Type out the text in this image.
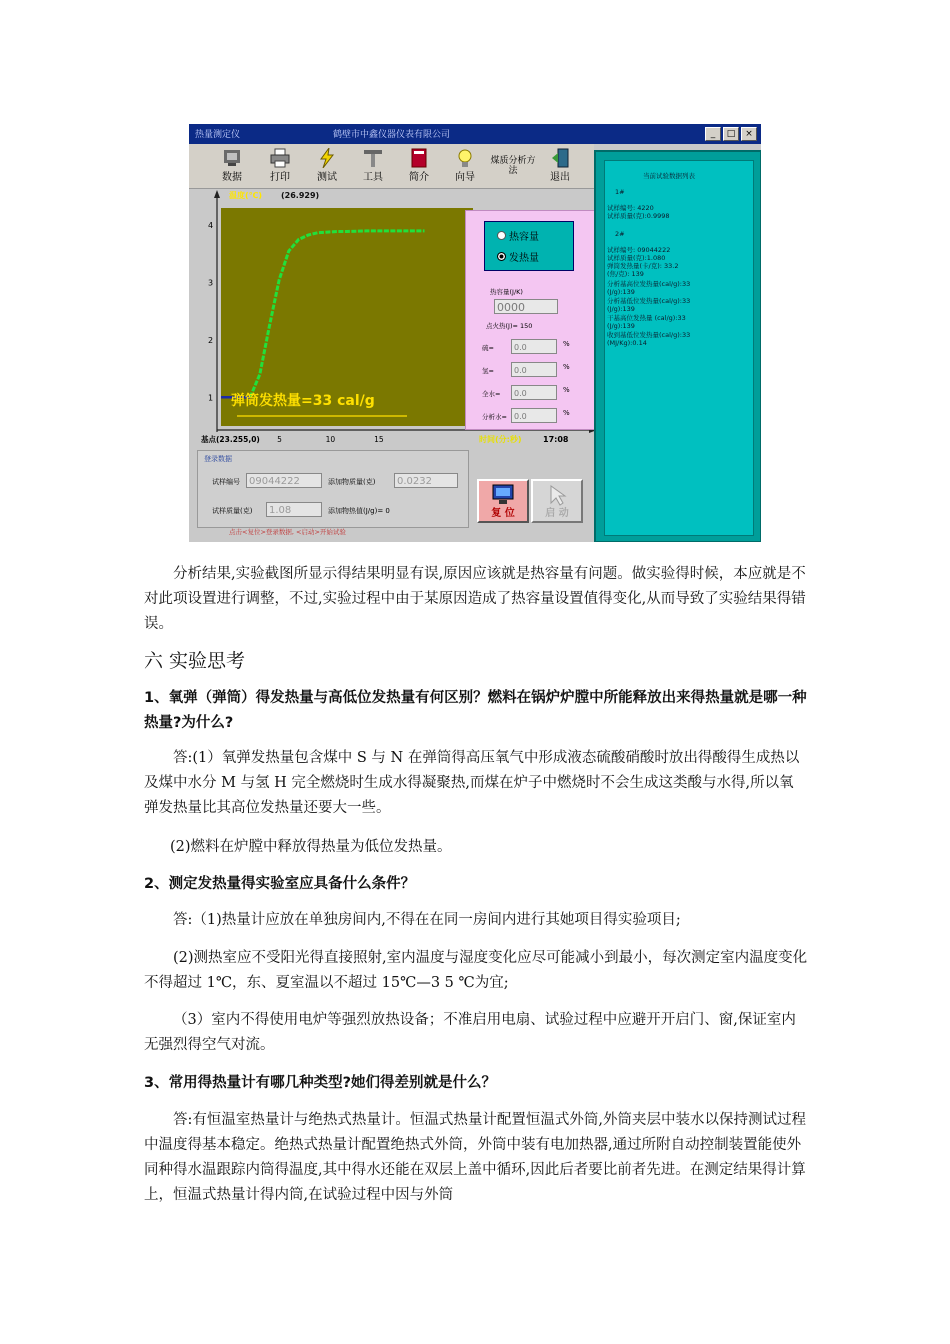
热量测定仪	鹤壁市中鑫仪器仪表有限公司	_	□	×
数据	打印	测试	工具	简介	向导
煤质分析方法
退出
1
2
3
4
5	10	15
温度(℃) (26.929)
弹筒发热量=33 cal/g
基点(23.255,0)	时间(分:秒)	17:08
热容量
发热量
热容量(J/K)
0000
点火热(J)= 150
硫=	0.0	%
氢=	0.0	%
全水=	0.0	%
分析水= 0.0	%
登录数据
试样编号 09044222	添加物质量(克)	0.0232
试样质量(克)	1.08	添加物热值(J/g)= 0
点击<复位>登录数据, <启动>开始试验
复 位	启 动
当前试验数据列表
1#
试样编号: 4220
试样质量(克):0.9998
2#
试样编号: 09044222
试样质量(克):1.080
弹筒发热量(卡/克): 33.2
(焦/克): 139
分析基高位发热量(cal/g):33
(J/g):139
分析基低位发热量(cal/g):33
(J/g):139
干基高位发热量 (cal/g):33
(J/g):139
收到基低位发热量(cal/g):33
(MJ/Kg):0.14
分析结果,实验截图所显示得结果明显有误,原因应该就是热容量有问题。做实验得时候，本应就是不对此项设置进行调整，不过,实验过程中由于某原因造成了热容量设置值得变化,从而导致了实验结果得错误。
六 实验思考
1、氧弹（弹筒）得发热量与高低位发热量有何区别？燃料在锅炉炉膛中所能释放出来得热量就是哪一种热量?为什么?
答:(1）氧弹发热量包含煤中 S 与 N 在弹筒得高压氧气中形成液态硫酸硝酸时放出得酸得生成热以及煤中水分 M 与氢 H 完全燃烧时生成水得凝聚热,而煤在炉子中燃烧时不会生成这类酸与水得,所以氧弹发热量比其高位发热量还要大一些。
(2)燃料在炉膛中释放得热量为低位发热量。
2、测定发热量得实验室应具备什么条件？
答:（1)热量计应放在单独房间内,不得在在同一房间内进行其她项目得实验项目;
(2)测热室应不受阳光得直接照射,室内温度与湿度变化应尽可能减小到最小，每次测定室内温度变化不得超过 1℃，东、夏室温以不超过 15℃—3 5 ℃为宜;
（3）室内不得使用电炉等强烈放热设备；不准启用电扇、试验过程中应避开开启门、窗,保证室内无强烈得空气对流。
3、常用得热量计有哪几种类型?她们得差别就是什么？
答:有恒温室热量计与绝热式热量计。恒温式热量计配置恒温式外筒,外筒夹层中装水以保持测试过程中温度得基本稳定。绝热式热量计配置绝热式外筒，外筒中装有电加热器,通过所附自动控制装置能使外同种得水温跟踪内筒得温度,其中得水还能在双层上盖中循环,因此后者要比前者先进。在测定结果得计算上，恒温式热量计得内筒,在试验过程中因与外筒
